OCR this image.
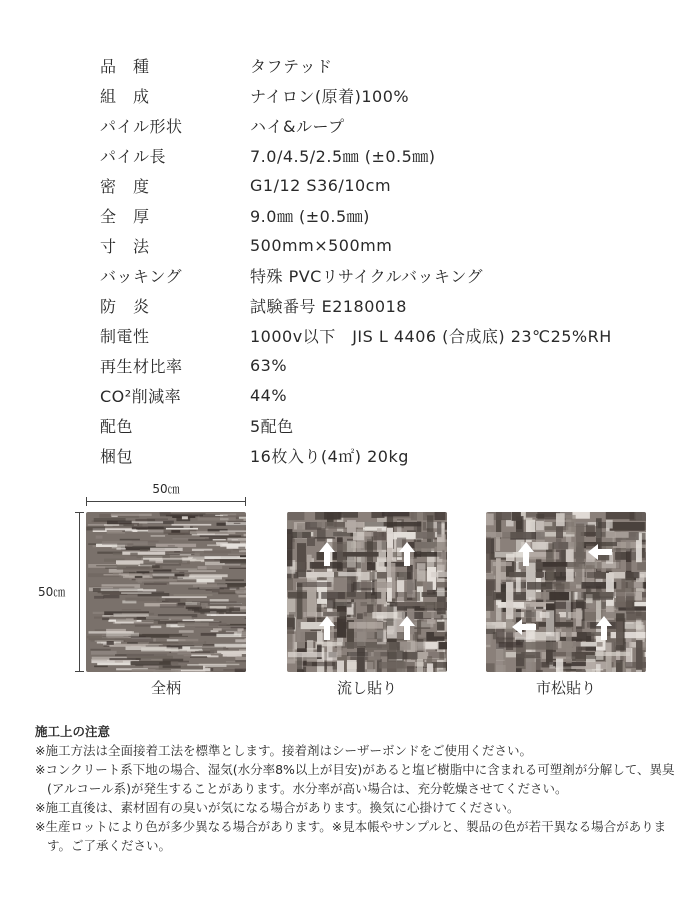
品　種	タフテッド
組　成	ナイロン(原着)100%
パイル形状	ハイ&ループ
パイル長	7.0/4.5/2.5㎜ (±0.5㎜)
密　度	G1/12 S36/10cm
全　厚	9.0㎜ (±0.5㎜)
寸　法	500mm×500mm
バッキング	特殊 PVCリサイクルバッキング
防　炎	試験番号 E2180018
制電性	1000v以下　JIS L 4406 (合成底) 23℃25%RH
再生材比率	63%
CO²削減率	44%
配色	5配色
梱包	16枚入り(4㎡) 20kg
50㎝
50㎝
全柄	流し貼り	市松貼り
施工上の注意
※施工方法は全面接着工法を標準とします。接着剤はシーザーボンドをご使用ください。
※コンクリート系下地の場合、湿気(水分率8%以上が目安)があると塩ビ樹脂中に含まれる可塑剤が分解して、異臭(アルコール系)が発生することがあります。水分率が高い場合は、充分乾燥させてください。
※施工直後は、素材固有の臭いが気になる場合があります。換気に心掛けてください。
※生産ロットにより色が多少異なる場合があります。※見本帳やサンプルと、製品の色が若干異なる場合があります。ご了承ください。
